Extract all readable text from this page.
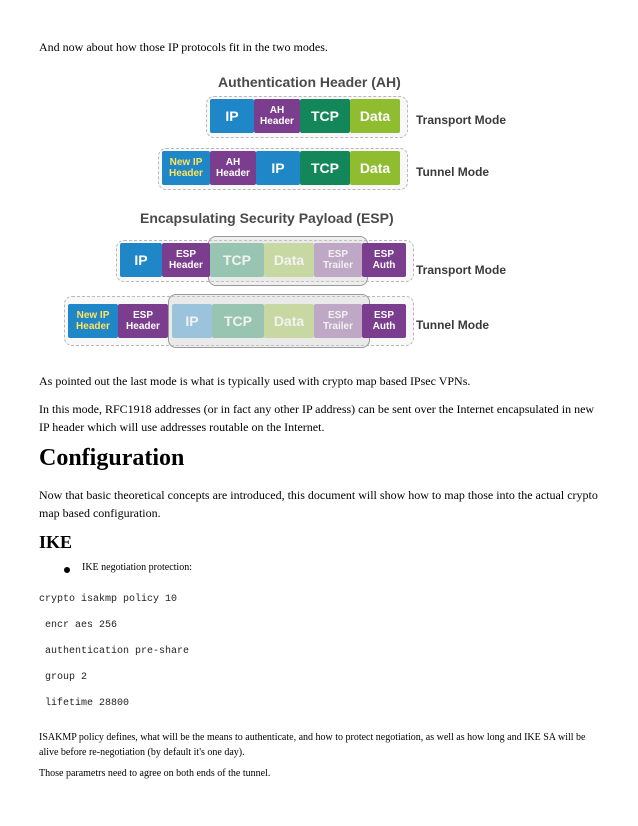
And now about how those IP protocols fit in the two modes.

Authentication Header (AH)
IP	AH
Header TCP Data Transport Mode
New IP
Header
AH
Header IP TCP Data Tunnel Mode
Encapsulating Security Payload (ESP)
IP	ESP
Header TCP Data	ESP
Trailer
ESP
Auth Transport Mode
New IP
Header
ESP
Header IP TCP Data	ESP
Trailer
ESP
Auth Tunnel Mode

As pointed out the last mode is what is typically used with crypto map based IPsec VPNs.

In this mode, RFC1918 addresses (or in fact any other IP address) can be sent over the Internet encapsulated in new IP header which will use addresses routable on the Internet.

Configuration

Now that basic theoretical concepts are introduced, this document will show how to map those into the actual crypto map based configuration.

IKE
IKE negotiation protection:
crypto isakmp policy 10
encr aes 256
authentication pre-share
group 2
lifetime 28800

ISAKMP policy defines, what will be the means to authenticate, and how to protect negotiation, as well as how long and IKE SA will be alive before re-negotiation (by default it's one day).

Those parametrs need to agree on both ends of the tunnel.
